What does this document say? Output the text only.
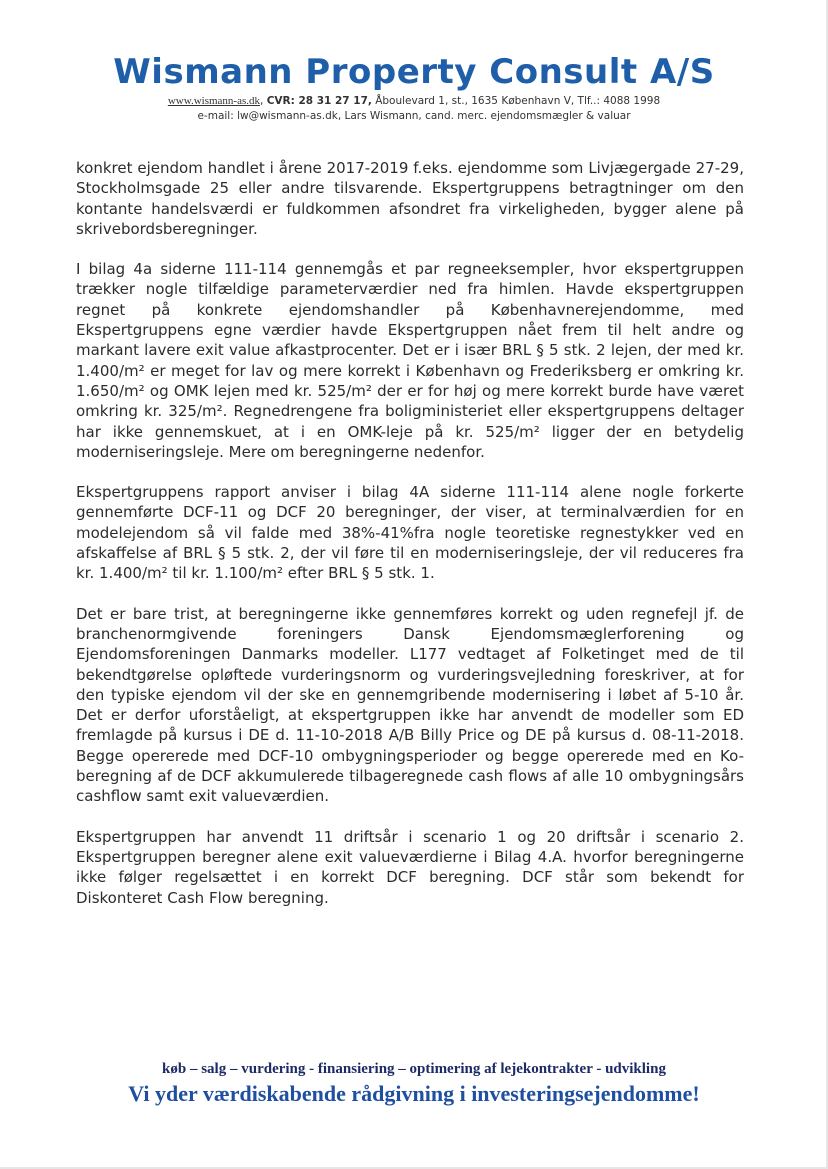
Wismann Property Consult A/S
www.wismann-as.dk, CVR: 28 31 27 17, Åboulevard 1, st., 1635 København V, Tlf..: 4088 1998
e-mail: lw@wismann-as.dk, Lars Wismann, cand. merc. ejendomsmægler & valuar

konkret ejendom handlet i årene 2017-2019 f.eks. ejendomme som Livjægergade 27-29, Stockholmsgade 25 eller andre tilsvarende. Ekspertgruppens betragtninger om den kontante handelsværdi er fuldkommen afsondret fra virkeligheden, bygger alene på skrivebordsberegninger.

I bilag 4a siderne 111-114 gennemgås et par regneeksempler, hvor ekspertgruppen trækker nogle tilfældige parameterværdier ned fra himlen. Havde ekspertgruppen regnet på konkrete ejendomshandler på Københavnerejendomme, med Ekspertgruppens egne værdier havde Ekspertgruppen nået frem til helt andre og markant lavere exit value afkastprocenter. Det er i især BRL § 5 stk. 2 lejen, der med kr. 1.400/m² er meget for lav og mere korrekt i København og Frederiksberg er omkring kr. 1.650/m² og OMK lejen med kr. 525/m² der er for høj og mere korrekt burde have været omkring kr. 325/m². Regnedrengene fra boligministeriet eller ekspertgruppens deltager har ikke gennemskuet, at i en OMK-leje på kr. 525/m² ligger der en betydelig moderniseringsleje. Mere om beregningerne nedenfor.

Ekspertgruppens rapport anviser i bilag 4A siderne 111-114 alene nogle forkerte gennemførte DCF-11 og DCF 20 beregninger, der viser, at terminalværdien for en modelejendom så vil falde med 38%-41%fra nogle teoretiske regnestykker ved en afskaffelse af BRL § 5 stk. 2, der vil føre til en moderniseringsleje, der vil reduceres fra kr. 1.400/m² til kr. 1.100/m² efter BRL § 5 stk. 1.

Det er bare trist, at beregningerne ikke gennemføres korrekt og uden regnefejl jf. de branchenormgivende foreningers Dansk Ejendomsmæglerforening og Ejendomsforeningen Danmarks modeller. L177 vedtaget af Folketinget med de til bekendtgørelse opløftede vurderingsnorm og vurderingsvejledning foreskriver, at for den typiske ejendom vil der ske en gennemgribende modernisering i løbet af 5-10 år. Det er derfor uforståeligt, at ekspertgruppen ikke har anvendt de modeller som ED fremlagde på kursus i DE d. 11-10-2018 A/B Billy Price og DE på kursus d. 08-11-2018. Begge opererede med DCF-10 ombygningsperioder og begge opererede med en Ko-beregning af de DCF akkumulerede tilbageregnede cash flows af alle 10 ombygningsårs cashflow samt exit valueværdien.

Ekspertgruppen har anvendt 11 driftsår i scenario 1 og 20 driftsår i scenario 2. Ekspertgruppen beregner alene exit valueværdierne i Bilag 4.A. hvorfor beregningerne ikke følger regelsættet i en korrekt DCF beregning. DCF står som bekendt for Diskonteret Cash Flow beregning.

køb – salg – vurdering - finansiering – optimering af lejekontrakter - udvikling
Vi yder værdiskabende rådgivning i investeringsejendomme!
